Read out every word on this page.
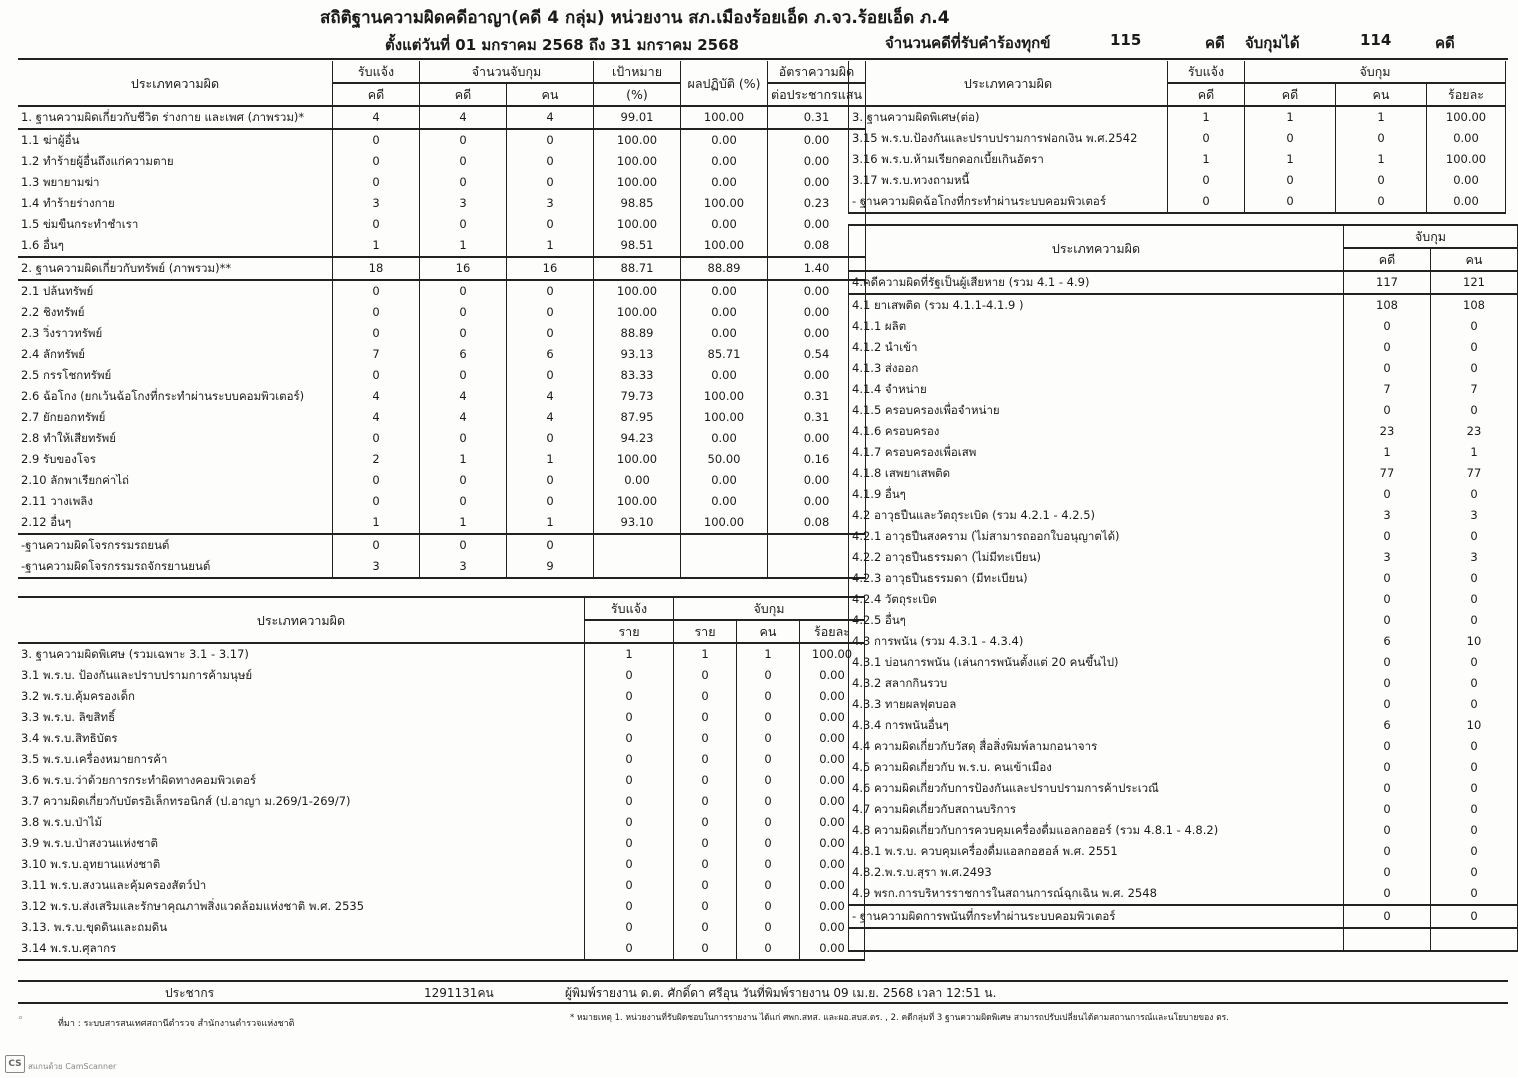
สถิติฐานความผิดคดีอาญา(คดี 4 กลุ่ม) หน่วยงาน สภ.เมืองร้อยเอ็ด ภ.จว.ร้อยเอ็ด ภ.4
ตั้งแต่วันที่ 01 มกราคม 2568 ถึง 31 มกราคม 2568	จำนวนคดีที่รับคำร้องทุกข์	115	คดี	จับกุมได้	114	คดี
ประเภทความผิด	รับแจ้ง	จำนวนจับกุม		เป้าหมาย	ผลปฏิบัติ (%)	อัตราความผิด
	คดี	คดี	คน	(%)		ต่อประชากรแสน
1. ฐานความผิดเกี่ยวกับชีวิต ร่างกาย และเพศ (ภาพรวม)*	4	4	4	99.01	100.00	0.31
1.1 ฆ่าผู้อื่น	0	0	0	100.00	0.00	0.00
1.2 ทำร้ายผู้อื่นถึงแก่ความตาย	0	0	0	100.00	0.00	0.00
1.3 พยายามฆ่า	0	0	0	100.00	0.00	0.00
1.4 ทำร้ายร่างกาย	3	3	3	98.85	100.00	0.23
1.5 ข่มขืนกระทำชำเรา	0	0	0	100.00	0.00	0.00
1.6 อื่นๆ	1	1	1	98.51	100.00	0.08
2. ฐานความผิดเกี่ยวกับทรัพย์ (ภาพรวม)**	18	16	16	88.71	88.89	1.40
2.1 ปล้นทรัพย์	0	0	0	100.00	0.00	0.00
2.2 ชิงทรัพย์	0	0	0	100.00	0.00	0.00
2.3 วิ่งราวทรัพย์	0	0	0	88.89	0.00	0.00
2.4 ลักทรัพย์	7	6	6	93.13	85.71	0.54
2.5 กรรโชกทรัพย์	0	0	0	83.33	0.00	0.00
2.6 ฉ้อโกง (ยกเว้นฉ้อโกงที่กระทำผ่านระบบคอมพิวเตอร์)	4	4	4	79.73	100.00	0.31
2.7 ยักยอกทรัพย์	4	4	4	87.95	100.00	0.31
2.8 ทำให้เสียทรัพย์	0	0	0	94.23	0.00	0.00
2.9 รับของโจร	2	1	1	100.00	50.00	0.16
2.10 ลักพาเรียกค่าไถ่	0	0	0	0.00	0.00	0.00
2.11 วางเพลิง	0	0	0	100.00	0.00	0.00
2.12 อื่นๆ	1	1	1	93.10	100.00	0.08
-ฐานความผิดโจรกรรมรถยนต์	0	0	0			
-ฐานความผิดโจรกรรมรถจักรยานยนต์	3	3	9			
ประเภทความผิด	รับแจ้ง	จับกุม		
	ราย	ราย	คน	ร้อยละ
3. ฐานความผิดพิเศษ (รวมเฉพาะ 3.1 - 3.17)	1	1	1	100.00
3.1 พ.ร.บ. ป้องกันและปราบปรามการค้ามนุษย์	0	0	0	0.00
3.2 พ.ร.บ.คุ้มครองเด็ก	0	0	0	0.00
3.3 พ.ร.บ. ลิขสิทธิ์	0	0	0	0.00
3.4 พ.ร.บ.สิทธิบัตร	0	0	0	0.00
3.5 พ.ร.บ.เครื่องหมายการค้า	0	0	0	0.00
3.6 พ.ร.บ.ว่าด้วยการกระทำผิดทางคอมพิวเตอร์	0	0	0	0.00
3.7 ความผิดเกี่ยวกับบัตรอิเล็กทรอนิกส์ (ป.อาญา ม.269/1-269/7)	0	0	0	0.00
3.8 พ.ร.บ.ป่าไม้	0	0	0	0.00
3.9 พ.ร.บ.ป่าสงวนแห่งชาติ	0	0	0	0.00
3.10 พ.ร.บ.อุทยานแห่งชาติ	0	0	0	0.00
3.11 พ.ร.บ.สงวนและคุ้มครองสัตว์ป่า	0	0	0	0.00
3.12 พ.ร.บ.ส่งเสริมและรักษาคุณภาพสิ่งแวดล้อมแห่งชาติ พ.ศ. 2535	0	0	0	0.00
3.13. พ.ร.บ.ขุดดินและถมดิน	0	0	0	0.00
3.14 พ.ร.บ.ศุลากร	0	0	0	0.00
ประเภทความผิด	รับแจ้ง	จับกุม		
	คดี	คดี	คน	ร้อยละ
3. ฐานความผิดพิเศษ(ต่อ)	1	1	1	100.00
3.15 พ.ร.บ.ป้องกันและปราบปรามการฟอกเงิน พ.ศ.2542	0	0	0	0.00
3.16 พ.ร.บ.ห้ามเรียกดอกเบี้ยเกินอัตรา	1	1	1	100.00
3.17 พ.ร.บ.ทวงถามหนี้	0	0	0	0.00
- ฐานความผิดฉ้อโกงที่กระทำผ่านระบบคอมพิวเตอร์	0	0	0	0.00
ประเภทความผิด	จับกุม	
	คดี	คน
4.คดีความผิดที่รัฐเป็นผู้เสียหาย (รวม 4.1 - 4.9)	117	121
4.1 ยาเสพติด (รวม 4.1.1-4.1.9 )	108	108
4.1.1 ผลิต	0	0
4.1.2 นำเข้า	0	0
4.1.3 ส่งออก	0	0
4.1.4 จำหน่าย	7	7
4.1.5 ครอบครองเพื่อจำหน่าย	0	0
4.1.6 ครอบครอง	23	23
4.1.7 ครอบครองเพื่อเสพ	1	1
4.1.8 เสพยาเสพติด	77	77
4.1.9 อื่นๆ	0	0
4.2 อาวุธปืนและวัตถุระเบิด (รวม 4.2.1 - 4.2.5)	3	3
4.2.1 อาวุธปืนสงคราม (ไม่สามารถออกใบอนุญาตได้)	0	0
4.2.2 อาวุธปืนธรรมดา (ไม่มีทะเบียน)	3	3
4.2.3 อาวุธปืนธรรมดา (มีทะเบียน)	0	0
4.2.4 วัตถุระเบิด	0	0
4.2.5 อื่นๆ	0	0
4.3 การพนัน (รวม 4.3.1 - 4.3.4)	6	10
4.3.1 บ่อนการพนัน (เล่นการพนันตั้งแต่ 20 คนขึ้นไป)	0	0
4.3.2 สลากกินรวบ	0	0
4.3.3 ทายผลฟุตบอล	0	0
4.3.4 การพนันอื่นๆ	6	10
4.4 ความผิดเกี่ยวกับวัสดุ สื่อสิ่งพิมพ์ลามกอนาจาร	0	0
4.5 ความผิดเกี่ยวกับ พ.ร.บ. คนเข้าเมือง	0	0
4.6 ความผิดเกี่ยวกับการป้องกันและปราบปรามการค้าประเวณี	0	0
4.7 ความผิดเกี่ยวกับสถานบริการ	0	0
4.8 ความผิดเกี่ยวกับการควบคุมเครื่องดื่มแอลกอฮอร์ (รวม 4.8.1 - 4.8.2)	0	0
4.8.1 พ.ร.บ. ควบคุมเครื่องดื่มแอลกอฮอล์ พ.ศ. 2551	0	0
4.8.2.พ.ร.บ.สุรา พ.ศ.2493	0	0
4.9 พรก.การบริหารราชการในสถานการณ์ฉุกเฉิน พ.ศ. 2548	0	0
- ฐานความผิดการพนันที่กระทำผ่านระบบคอมพิวเตอร์	0	0

ประชากร	1291131คน	ผู้พิมพ์รายงาน ด.ต. ศักดิ์ดา ศรีอุน วันที่พิมพ์รายงาน 09 เม.ย. 2568 เวลา 12:51 น.
◦	ที่มา : ระบบสารสนเทศสถานีตำรวจ สำนักงานตำรวจแห่งชาติ
* หมายเหตุ 1. หน่วยงานที่รับผิดชอบในการรายงาน ได้แก่ ศพก.สทส. และผอ.สบส.ตร. , 2. คดีกลุ่มที่ 3 ฐานความผิดพิเศษ สามารถปรับเปลี่ยนได้ตามสถานการณ์และนโยบายของ ตร.
CS สแกนด้วย CamScanner
